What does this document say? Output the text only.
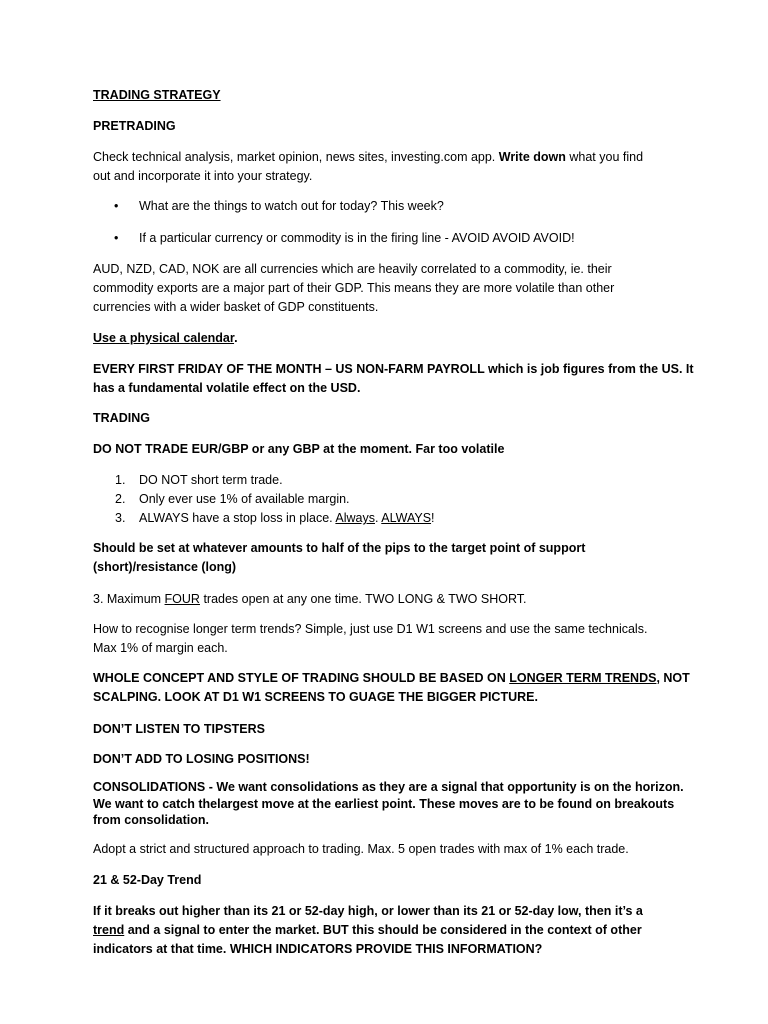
TRADING STRATEGY
PRETRADING
Check technical analysis, market opinion, news sites, investing.com app. Write down what you find
out and incorporate it into your strategy.
• What are the things to watch out for today? This week?
• If a particular currency or commodity is in the firing line - AVOID AVOID AVOID!
AUD, NZD, CAD, NOK are all currencies which are heavily correlated to a commodity, ie. their
commodity exports are a major part of their GDP. This means they are more volatile than other
currencies with a wider basket of GDP constituents.
Use a physical calendar.
EVERY FIRST FRIDAY OF THE MONTH – US NON-FARM PAYROLL which is job figures from the US. It
has a fundamental volatile effect on the USD.
TRADING
DO NOT TRADE EUR/GBP or any GBP at the moment. Far too volatile
1. DO NOT short term trade.
2. Only ever use 1% of available margin.
3. ALWAYS have a stop loss in place. Always. ALWAYS!
Should be set at whatever amounts to half of the pips to the target point of support
(short)/resistance (long)
3. Maximum FOUR trades open at any one time. TWO LONG & TWO SHORT.
How to recognise longer term trends? Simple, just use D1 W1 screens and use the same technicals.
Max 1% of margin each.
WHOLE CONCEPT AND STYLE OF TRADING SHOULD BE BASED ON LONGER TERM TRENDS, NOT
SCALPING. LOOK AT D1 W1 SCREENS TO GUAGE THE BIGGER PICTURE.
DON’T LISTEN TO TIPSTERS
DON’T ADD TO LOSING POSITIONS!
CONSOLIDATIONS - We want consolidations as they are a signal that opportunity is on the horizon.
We want to catch thelargest move at the earliest point. These moves are to be found on breakouts
from consolidation.
Adopt a strict and structured approach to trading. Max. 5 open trades with max of 1% each trade.
21 & 52-Day Trend
If it breaks out higher than its 21 or 52-day high, or lower than its 21 or 52-day low, then it’s a
trend and a signal to enter the market. BUT this should be considered in the context of other
indicators at that time. WHICH INDICATORS PROVIDE THIS INFORMATION?
